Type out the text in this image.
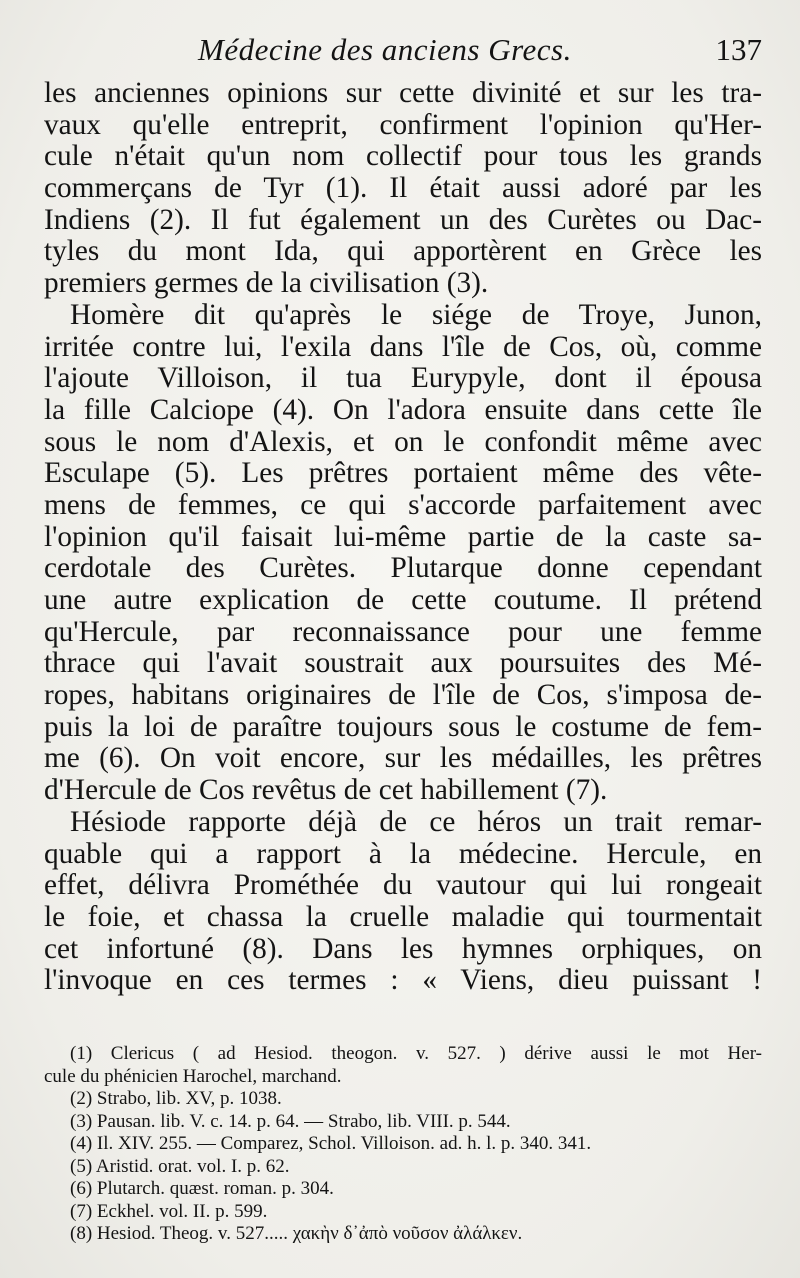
Médecine des anciens Grecs.	137
les anciennes opinions sur cette divinité et sur les tra-
vaux qu'elle entreprit, confirment l'opinion qu'Her-
cule n'était qu'un nom collectif pour tous les grands
commerçans de Tyr (1). Il était aussi adoré par les
Indiens (2). Il fut également un des Curètes ou Dac-
tyles du mont Ida, qui apportèrent en Grèce les
premiers germes de la civilisation (3).
Homère dit qu'après le siége de Troye, Junon,
irritée contre lui, l'exila dans l'île de Cos, où, comme
l'ajoute Villoison, il tua Eurypyle, dont il épousa
la fille Calciope (4). On l'adora ensuite dans cette île
sous le nom d'Alexis, et on le confondit même avec
Esculape (5). Les prêtres portaient même des vête-
mens de femmes, ce qui s'accorde parfaitement avec
l'opinion qu'il faisait lui-même partie de la caste sa-
cerdotale des Curètes. Plutarque donne cependant
une autre explication de cette coutume. Il prétend
qu'Hercule, par reconnaissance pour une femme
thrace qui l'avait soustrait aux poursuites des Mé-
ropes, habitans originaires de l'île de Cos, s'imposa de-
puis la loi de paraître toujours sous le costume de fem-
me (6). On voit encore, sur les médailles, les prêtres
d'Hercule de Cos revêtus de cet habillement (7).
Hésiode rapporte déjà de ce héros un trait remar-
quable qui a rapport à la médecine. Hercule, en
effet, délivra Prométhée du vautour qui lui rongeait
le foie, et chassa la cruelle maladie qui tourmentait
cet infortuné (8). Dans les hymnes orphiques, on
l'invoque en ces termes : « Viens, dieu puissant !
(1) Clericus ( ad Hesiod. theogon. v. 527. ) dérive aussi le mot Her-
cule du phénicien Harochel, marchand.
(2) Strabo, lib. XV, p. 1038.
(3) Pausan. lib. V. c. 14. p. 64. — Strabo, lib. VIII. p. 544.
(4) Il. XIV. 255. — Comparez, Schol. Villoison. ad. h. l. p. 340. 341.
(5) Aristid. orat. vol. I. p. 62.
(6) Plutarch. quæst. roman. p. 304.
(7) Eckhel. vol. II. p. 599.
(8) Hesiod. Theog. v. 527..... χακὴν δ᾽ἀπὸ νοῦσον ἀλάλκεν.
